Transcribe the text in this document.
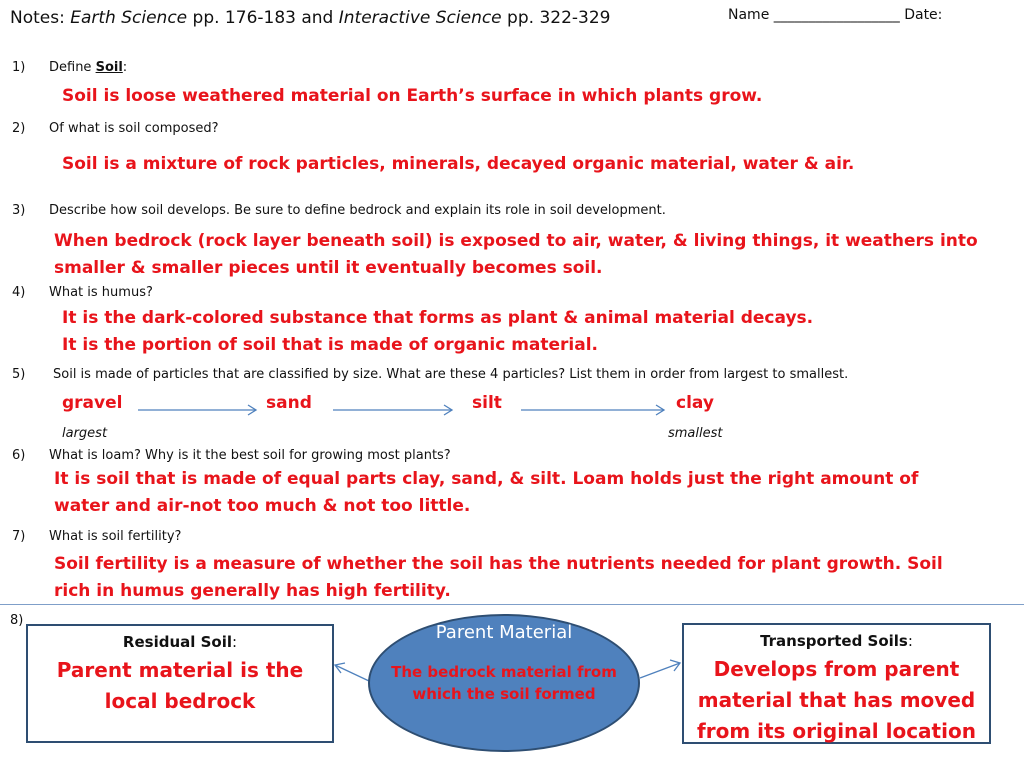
Notes: Earth Science pp. 176-183 and Interactive Science pp. 322-329	Name __________________ Date:
1) Define Soil:
Soil is loose weathered material on Earth’s surface in which plants grow.
2) Of what is soil composed?
Soil is a mixture of rock particles, minerals, decayed organic material, water & air.
3) Describe how soil develops. Be sure to define bedrock and explain its role in soil development.
When bedrock (rock layer beneath soil) is exposed to air, water, & living things, it weathers into
smaller & smaller pieces until it eventually becomes soil.
4) What is humus?
It is the dark-colored substance that forms as plant & animal material decays.
It is the portion of soil that is made of organic material.
5) Soil is made of particles that are classified by size. What are these 4 particles? List them in order from largest to smallest.
gravel	sand	silt	clay
largest	smallest
6) What is loam? Why is it the best soil for growing most plants?
It is soil that is made of equal parts clay, sand, & silt. Loam holds just the right amount of
water and air-not too much & not too little.
7) What is soil fertility?
Soil fertility is a measure of whether the soil has the nutrients needed for plant growth. Soil
rich in humus generally has high fertility.
8)
Residual Soil:
Parent material is the
local bedrock
Parent Material
The bedrock material from
which the soil formed
Transported Soils:
Develops from parent
material that has moved
from its original location
